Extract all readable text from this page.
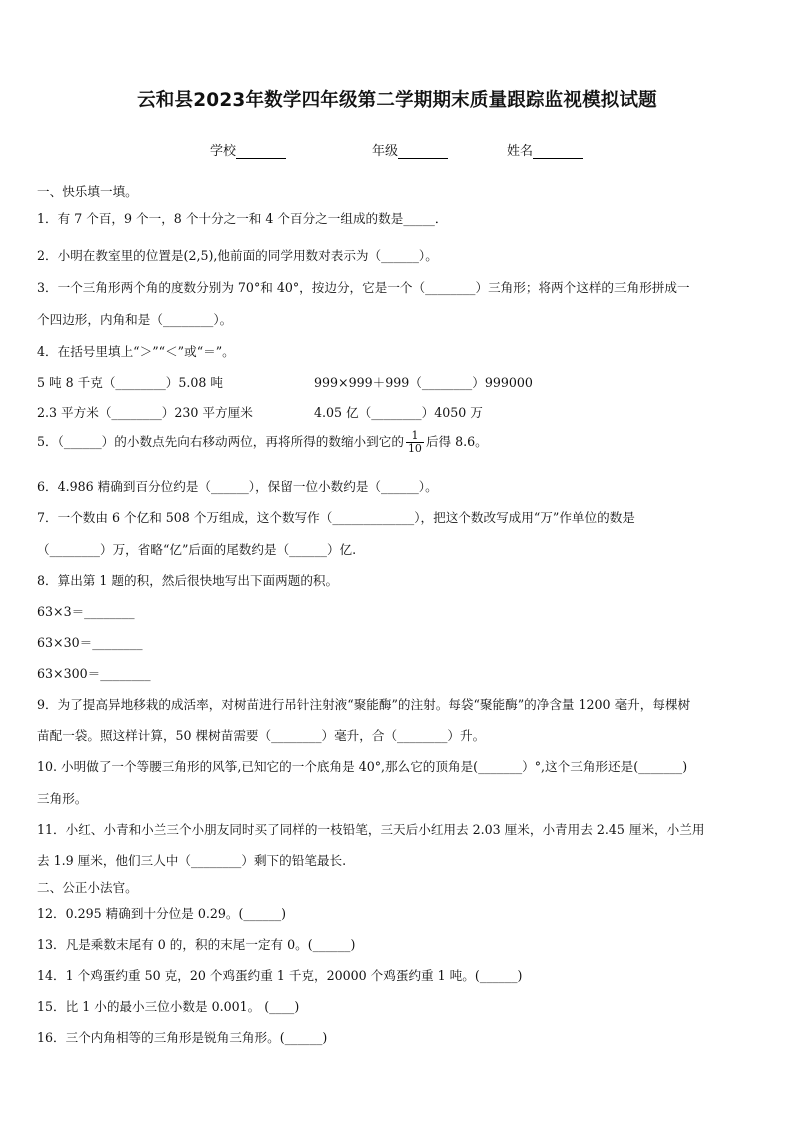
云和县2023年数学四年级第二学期期末质量跟踪监视模拟试题
学校	年级	姓名
一、快乐填一填。
1．有 7 个百，9 个一，8 个十分之一和 4 个百分之一组成的数是_____．
2．小明在教室里的位置是(2,5),他前面的同学用数对表示为（______）。
3．一个三角形两个角的度数分别为 70°和 40°，按边分，它是一个（________）三角形；将两个这样的三角形拼成一
个四边形，内角和是（________）。
4．在括号里填上“＞”“＜”或“＝”。
5 吨 8 千克（________）5.08 吨	999×999＋999（________）999000
2.3 平方米（________）230 平方厘米	4.05 亿（________）4050 万
5．（______）的小数点先向右移动两位，再将所得的数缩小到它的 $\frac{1}{10}$ 后得 8.6。
6．4.986 精确到百分位约是（______），保留一位小数约是（______）。
7．一个数由 6 个亿和 508 个万组成，这个数写作（_____________），把这个数改写成用“万”作单位的数是
（________）万，省略“亿”后面的尾数约是（______）亿.
8．算出第 1 题的积，然后很快地写出下面两题的积。
63×3＝________
63×30＝________
63×300＝________
9．为了提高异地移栽的成活率，对树苗进行吊针注射液“聚能酶”的注射。每袋“聚能酶”的净含量 1200 毫升，每棵树
苗配一袋。照这样计算，50 棵树苗需要（________）毫升，合（________）升。
10. 小明做了一个等腰三角形的风筝,已知它的一个底角是 40°,那么它的顶角是(_______）°,这个三角形还是(_______)
三角形。
11．小红、小青和小兰三个小朋友同时买了同样的一枝铅笔，三天后小红用去 2.03 厘米，小青用去 2.45 厘米，小兰用
去 1.9 厘米，他们三人中（________）剩下的铅笔最长.
二、公正小法官。
12．0.295 精确到十分位是 0.29。(______)
13．凡是乘数末尾有 0 的，积的末尾一定有 0。(______)
14．1 个鸡蛋约重 50 克，20 个鸡蛋约重 1 千克，20000 个鸡蛋约重 1 吨。(______)
15．比 1 小的最小三位小数是 0.001。 (____)
16．三个内角相等的三角形是锐角三角形。(______)
